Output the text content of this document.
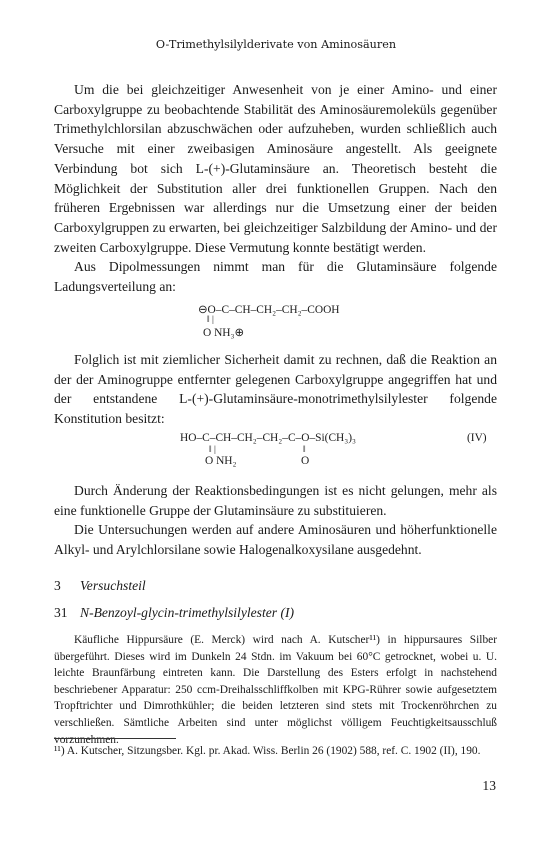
O-Trimethylsilylderivate von Aminosäuren

Um die bei gleichzeitiger Anwesenheit von je einer Amino- und einer Carboxylgruppe zu beobachtende Stabilität des Aminosäuremoleküls gegenüber Trimethylchlorsilan abzuschwächen oder aufzuheben, wurden schließlich auch Versuche mit einer zweibasigen Aminosäure angestellt. Als geeignete Verbindung bot sich L-(+)-Glutaminsäure an. Theoretisch besteht die Möglichkeit der Substitution aller drei funktionellen Gruppen. Nach den früheren Ergebnissen war allerdings nur die Umsetzung einer der beiden Carboxylgruppen zu erwarten, bei gleichzeitiger Salzbildung der Amino- und der zweiten Carboxylgruppe. Diese Vermutung konnte bestätigt werden.

Aus Dipolmessungen nimmt man für die Glutaminsäure folgende Ladungsverteilung an:

⊖O–C–CH–CH₂–CH₂–COOH
‖ |
O NH₃⊕

Folglich ist mit ziemlicher Sicherheit damit zu rechnen, daß die Reaktion an der der Aminogruppe entfernter gelegenen Carboxylgruppe angegriffen hat und der entstandene L-(+)-Glutaminsäure-monotrimethylsilylester folgende Konstitution besitzt:

HO–C–CH–CH₂–CH₂–C–O–Si(CH₃)₃	(IV)
‖ |	‖
O NH₂	O

Durch Änderung der Reaktionsbedingungen ist es nicht gelungen, mehr als eine funktionelle Gruppe der Glutaminsäure zu substituieren.

Die Untersuchungen werden auf andere Aminosäuren und höherfunktionelle Alkyl- und Arylchlorsilane sowie Halogenalkoxysilane ausgedehnt.

3 Versuchsteil
31 N-Benzoyl-glycin-trimethylsilylester (I)

Käufliche Hippursäure (E. Merck) wird nach A. Kutscher¹¹) in hippursaures Silber übergeführt. Dieses wird im Dunkeln 24 Stdn. im Vakuum bei 60°C getrocknet, wobei u. U. leichte Braunfärbung eintreten kann. Die Darstellung des Esters erfolgt in nachstehend beschriebener Apparatur: 250 ccm-Dreihalsschliffkolben mit KPG-Rührer sowie aufgesetztem Tropftrichter und Dimrothkühler; die beiden letzteren sind stets mit Trockenröhrchen zu verschließen. Sämtliche Arbeiten sind unter möglichst völligem Feuchtigkeitsausschluß vorzunehmen.

¹¹) A. Kutscher, Sitzungsber. Kgl. pr. Akad. Wiss. Berlin 26 (1902) 588, ref. C. 1902 (II), 190.

13
